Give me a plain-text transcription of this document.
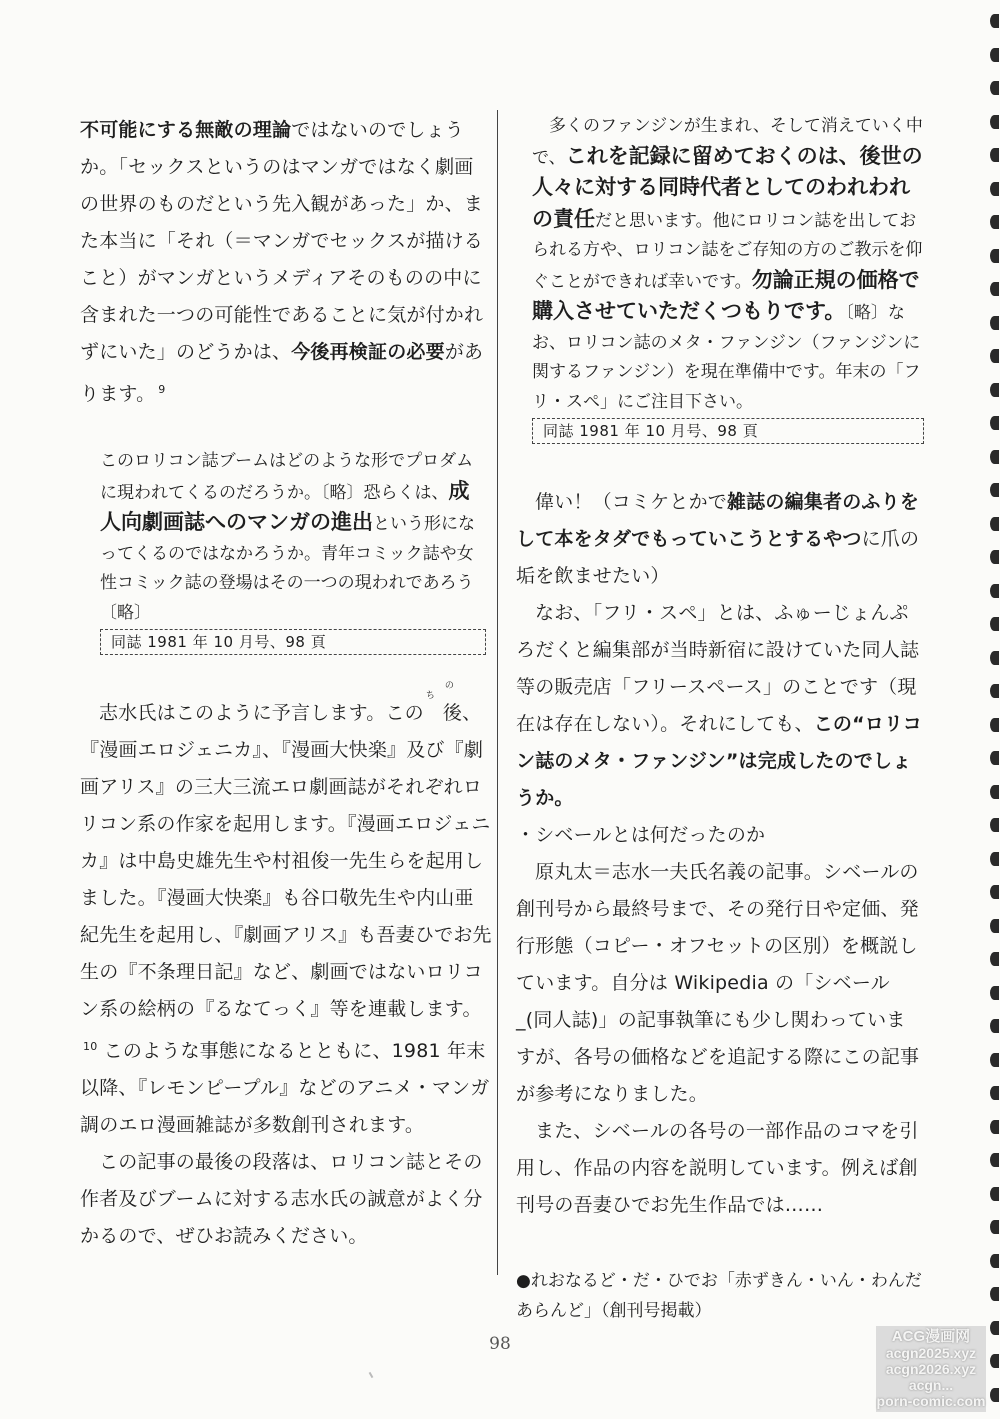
不可能にする無敵の理論ではないのでしょうか。「セックスというのはマンガではなく劇画の世界のものだという先入観があった」か、また本当に「それ（＝マンガでセックスが描けること）がマンガというメディアそのものの中に含まれた一つの可能性であることに気が付かれずにいた」のどうかは、今後再検証の必要があります。 $^9$

このロリコン誌ブームはどのような形でプロダムに現われてくるのだろうか。〔略〕恐らくは、成人向劇画誌へのマンガの進出という形になってくるのではなかろうか。青年コミック誌や女性コミック誌の登場はその一つの現われであろう〔略〕

同誌 1981 年 10 月号、98 頁

志水氏はこのように予言します。この
のち
後、『漫画エロジェニカ』、『漫画大快楽』及び『劇画アリス』の三大三流エロ劇画誌がそれぞれロリコン系の作家を起用します。『漫画エロジェニカ』は中島史雄先生や村祖俊一先生らを起用しました。『漫画大快楽』も谷口敬先生や内山亜紀先生を起用し、『劇画アリス』も吾妻ひでお先生の『不条理日記』など、劇画ではないロリコン系の絵柄の『るなてっく』等を連載します。$^{10}$ このような事態になるとともに、1981 年末以降、『レモンピープル』などのアニメ・マンガ調のエロ漫画雑誌が多数創刊されます。

この記事の最後の段落は、ロリコン誌とその作者及びブームに対する志水氏の誠意がよく分かるので、ぜひお読みください。

多くのファンジンが生まれ、そして消えていく中で、これを記録に留めておくのは、後世の人々に対する同時代者としてのわれわれの責任だと思います。他にロリコン誌を出しておられる方や、ロリコン誌をご存知の方のご教示を仰ぐことができれば幸いです。勿論正規の価格で購入させていただくつもりです。〔略〕なお、ロリコン誌のメタ・ファンジン（ファンジンに関するファンジン）を現在準備中です。年末の「フリ・スペ」にご注目下さい。

同誌 1981 年 10 月号、98 頁

偉い！（コミケとかで雑誌の編集者のふりをして本をタダでもっていこうとするやつに爪の垢を飲ませたい）

なお、「フリ・スペ」とは、ふゅーじょんぷろだくと編集部が当時新宿に設けていた同人誌等の販売店「フリースペース」のことです（現在は存在しない）。それにしても、この“ロリコン誌のメタ・ファンジン”は完成したのでしょうか。

・シベールとは何だったのか

原丸太＝志水一夫氏名義の記事。シベールの創刊号から最終号まで、その発行日や定価、発行形態（コピー・オフセットの区別）を概説しています。自分は Wikipedia の「シベール_(同人誌)」の記事執筆にも少し関わっていますが、各号の価格などを追記する際にこの記事が参考になりました。

また、シベールの各号の一部作品のコマを引用し、作品の内容を説明しています。例えば創刊号の吾妻ひでお先生作品では……

●れおなるど・だ・ひでお「赤ずきん・いん・わんだあらんど」（創刊号掲載）

98	ACG漫画网
acgn2025.xyz
acgn2026.xyz
acgn...
porn-comic.com
